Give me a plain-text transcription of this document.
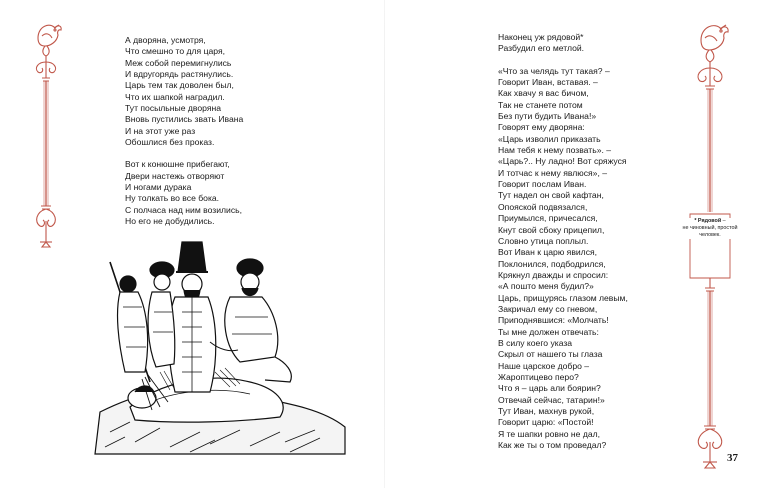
* Рядовой –
не чиновный, простой человек.
А дворяна, усмотря,
Что смешно то для царя,
Меж собой перемигнулись
И вдругорядь растянулись.
Царь тем так доволен был,
Что их шапкой наградил.
Тут посыльные дворяна
Вновь пустились звать Ивана
И на этот уже раз
Обошлися без проказ.
Вот к конюшне прибегают,
Двери настежь отворяют
И ногами дурака
Ну толкать во все бока.
С полчаса над ним возились,
Но его не добудились.
Наконец уж рядовой*
Разбудил его метлой.
«Что за челядь тут такая? –
Говорит Иван, вставая. –
Как хвачу я вас бичом,
Так не станете потом
Без пути будить Ивана!»
Говорят ему дворяна:
«Царь изволил приказать
Нам тебя к нему позвать». –
«Царь?.. Ну ладно! Вот сряжуся
И тотчас к нему явлюся», –
Говорит послам Иван.
Тут надел он свой кафтан,
Опояской подвязался,
Приумылся, причесался,
Кнут свой сбоку прицепил,
Словно утица поплыл.
Вот Иван к царю явился,
Поклонился, подбодрился,
Крякнул дважды и спросил:
«А пошто меня будил?»
Царь, прищурясь глазом левым,
Закричал ему со гневом,
Приподнявшися: «Молчать!
Ты мне должен отвечать:
В силу коего указа
Скрыл от нашего ты глаза
Наше царское добро –
Жароптицево перо?
Что я – царь али боярин?
Отвечай сейчас, татарин!»
Тут Иван, махнув рукой,
Говорит царю: «Постой!
Я те шапки ровно не дал,
Как же ты о том проведал?
37
